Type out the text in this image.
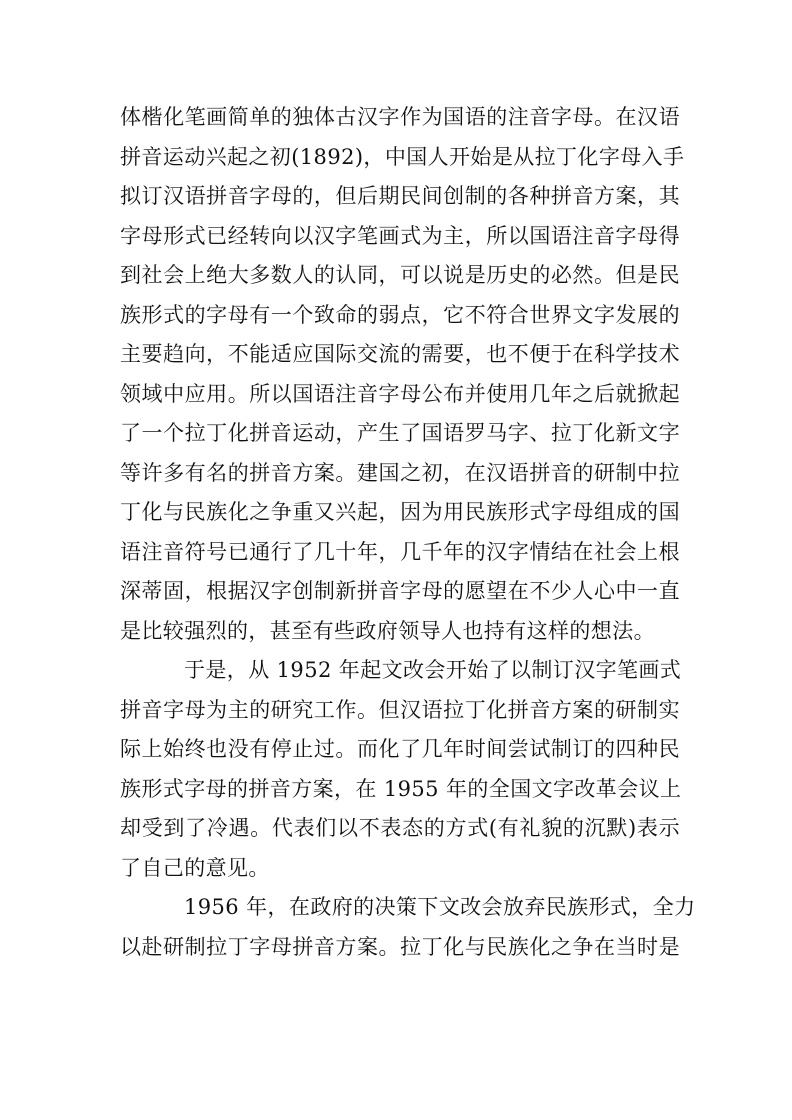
体楷化笔画简单的独体古汉字作为国语的注音字母。在汉语
拼音运动兴起之初(1892)，中国人开始是从拉丁化字母入手
拟订汉语拼音字母的，但后期民间创制的各种拼音方案，其
字母形式已经转向以汉字笔画式为主，所以国语注音字母得
到社会上绝大多数人的认同，可以说是历史的必然。但是民
族形式的字母有一个致命的弱点，它不符合世界文字发展的
主要趋向，不能适应国际交流的需要，也不便于在科学技术
领域中应用。所以国语注音字母公布并使用几年之后就掀起
了一个拉丁化拼音运动，产生了国语罗马字、拉丁化新文字
等许多有名的拼音方案。建国之初，在汉语拼音的研制中拉
丁化与民族化之争重又兴起，因为用民族形式字母组成的国
语注音符号已通行了几十年，几千年的汉字情结在社会上根
深蒂固，根据汉字创制新拼音字母的愿望在不少人心中一直
是比较强烈的，甚至有些政府领导人也持有这样的想法。
于是，从 1952 年起文改会开始了以制订汉字笔画式
拼音字母为主的研究工作。但汉语拉丁化拼音方案的研制实
际上始终也没有停止过。而化了几年时间尝试制订的四种民
族形式字母的拼音方案，在 1955 年的全国文字改革会议上
却受到了冷遇。代表们以不表态的方式(有礼貌的沉默)表示
了自己的意见。
1956 年，在政府的决策下文改会放弃民族形式，全力
以赴研制拉丁字母拼音方案。拉丁化与民族化之争在当时是
